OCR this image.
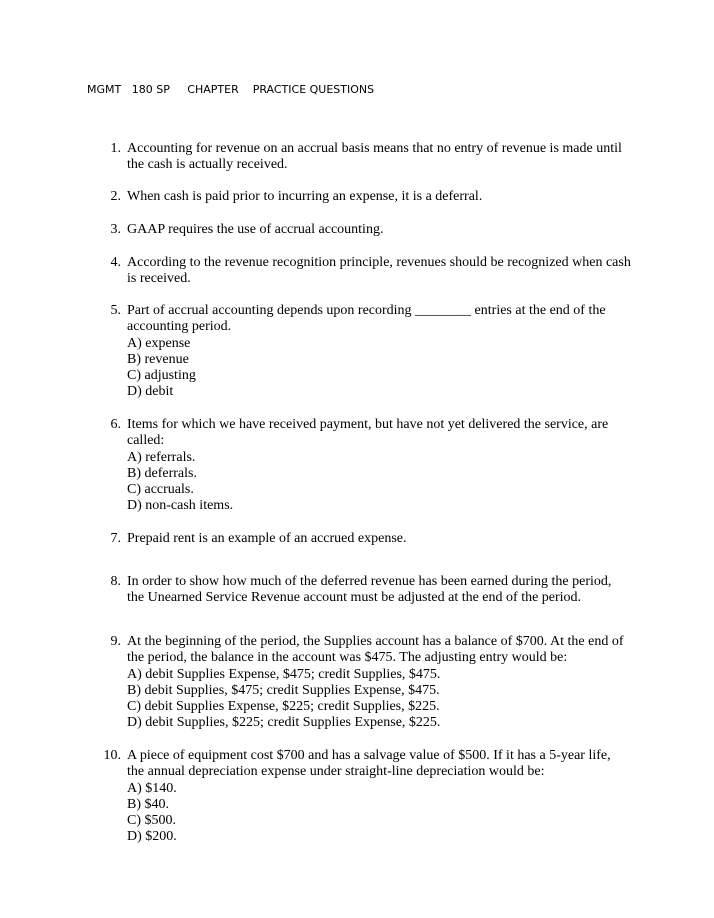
MGMT   180 SP     CHAPTER    PRACTICE QUESTIONS
1. Accounting for revenue on an accrual basis means that no entry of revenue is made until
the cash is actually received.
2. When cash is paid prior to incurring an expense, it is a deferral.
3. GAAP requires the use of accrual accounting.
4. According to the revenue recognition principle, revenues should be recognized when cash
is received.
5. Part of accrual accounting depends upon recording ________ entries at the end of the
accounting period.
A) expense
B) revenue
C) adjusting
D) debit
6. Items for which we have received payment, but have not yet delivered the service, are
called:
A) referrals.
B) deferrals.
C) accruals.
D) non-cash items.
7. Prepaid rent is an example of an accrued expense.
8. In order to show how much of the deferred revenue has been earned during the period,
the Unearned Service Revenue account must be adjusted at the end of the period.
9. At the beginning of the period, the Supplies account has a balance of $700. At the end of
the period, the balance in the account was $475. The adjusting entry would be:
A) debit Supplies Expense, $475; credit Supplies, $475.
B) debit Supplies, $475; credit Supplies Expense, $475.
C) debit Supplies Expense, $225; credit Supplies, $225.
D) debit Supplies, $225; credit Supplies Expense, $225.
10. A piece of equipment cost $700 and has a salvage value of $500. If it has a 5-year life,
the annual depreciation expense under straight-line depreciation would be:
A) $140.
B) $40.
C) $500.
D) $200.
